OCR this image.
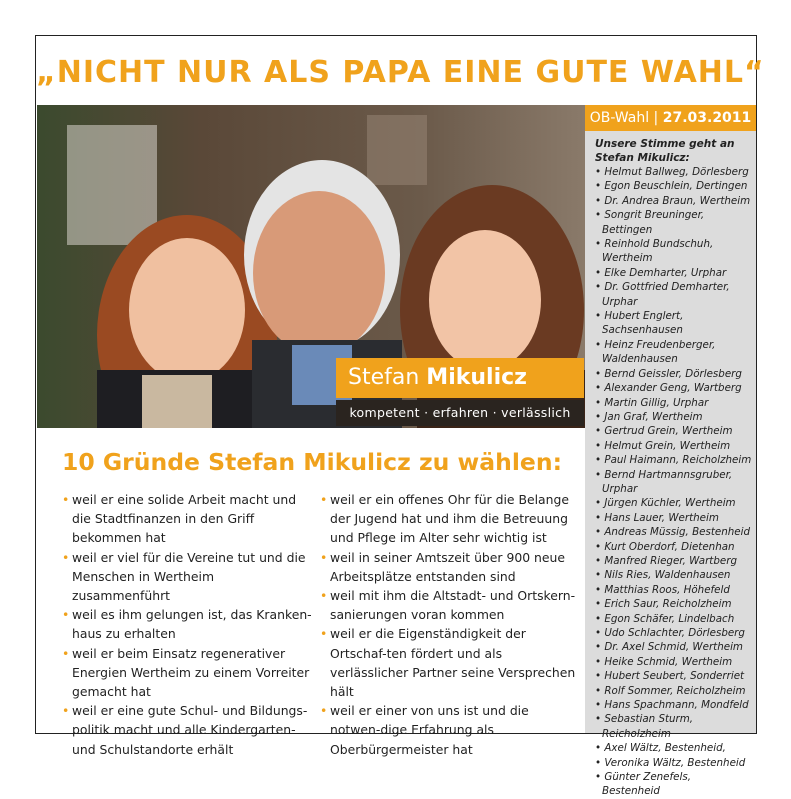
„NICHT NUR ALS PAPA EINE GUTE WAHL“
Stefan Mikulicz
kompetent · erfahren · verlässlich
OB-Wahl | 27.03.2011
Unsere Stimme geht an Stefan Mikulicz:
• Helmut Ballweg, Dörlesberg
• Egon Beuschlein, Dertingen
• Dr. Andrea Braun, Wertheim
• Songrit Breuninger, Bettingen
• Reinhold Bundschuh, Wertheim
• Elke Demharter, Urphar
• Dr. Gottfried Demharter, Urphar
• Hubert Englert, Sachsenhausen
• Heinz Freudenberger, Waldenhausen
• Bernd Geissler, Dörlesberg
• Alexander Geng, Wartberg
• Martin Gillig, Urphar
• Jan Graf, Wertheim
• Gertrud Grein, Wertheim
• Helmut Grein, Wertheim
• Paul Haimann, Reicholzheim
• Bernd Hartmannsgruber, Urphar
• Jürgen Küchler, Wertheim
• Hans Lauer, Wertheim
• Andreas Müssig, Bestenheid
• Kurt Oberdorf, Dietenhan
• Manfred Rieger, Wartberg
• Nils Ries, Waldenhausen
• Matthias Roos, Höhefeld
• Erich Saur, Reicholzheim
• Egon Schäfer, Lindelbach
• Udo Schlachter, Dörlesberg
• Dr. Axel Schmid, Wertheim
• Heike Schmid, Wertheim
• Hubert Seubert, Sonderriet
• Rolf Sommer, Reicholzheim
• Hans Spachmann, Mondfeld
• Sebastian Sturm, Reicholzheim
• Axel Wältz, Bestenheid,
• Veronika Wältz, Bestenheid
• Günter Zenefels, Bestenheid
10 Gründe Stefan Mikulicz zu wählen:
• weil er eine solide Arbeit macht und die Stadtfinanzen in den Griff bekommen hat
• weil er viel für die Vereine tut und die Menschen in Wertheim zusammenführt
• weil es ihm gelungen ist, das Kranken-haus zu erhalten
• weil er beim Einsatz regenerativer Energien Wertheim zu einem Vorreiter gemacht hat
• weil er eine gute Schul- und Bildungs-politik macht und alle Kindergarten- und Schulstandorte erhält
• weil er ein offenes Ohr für die Belange der Jugend hat und ihm die Betreuung und Pflege im Alter sehr wichtig ist
• weil in seiner Amtszeit über 900 neue Arbeitsplätze entstanden sind
• weil mit ihm die Altstadt- und Ortskern-sanierungen voran kommen
• weil er die Eigenständigkeit der Ortschaf-ten fördert und als verlässlicher Partner seine Versprechen hält
• weil er einer von uns ist und die notwen-dige Erfahrung als Oberbürgermeister hat
